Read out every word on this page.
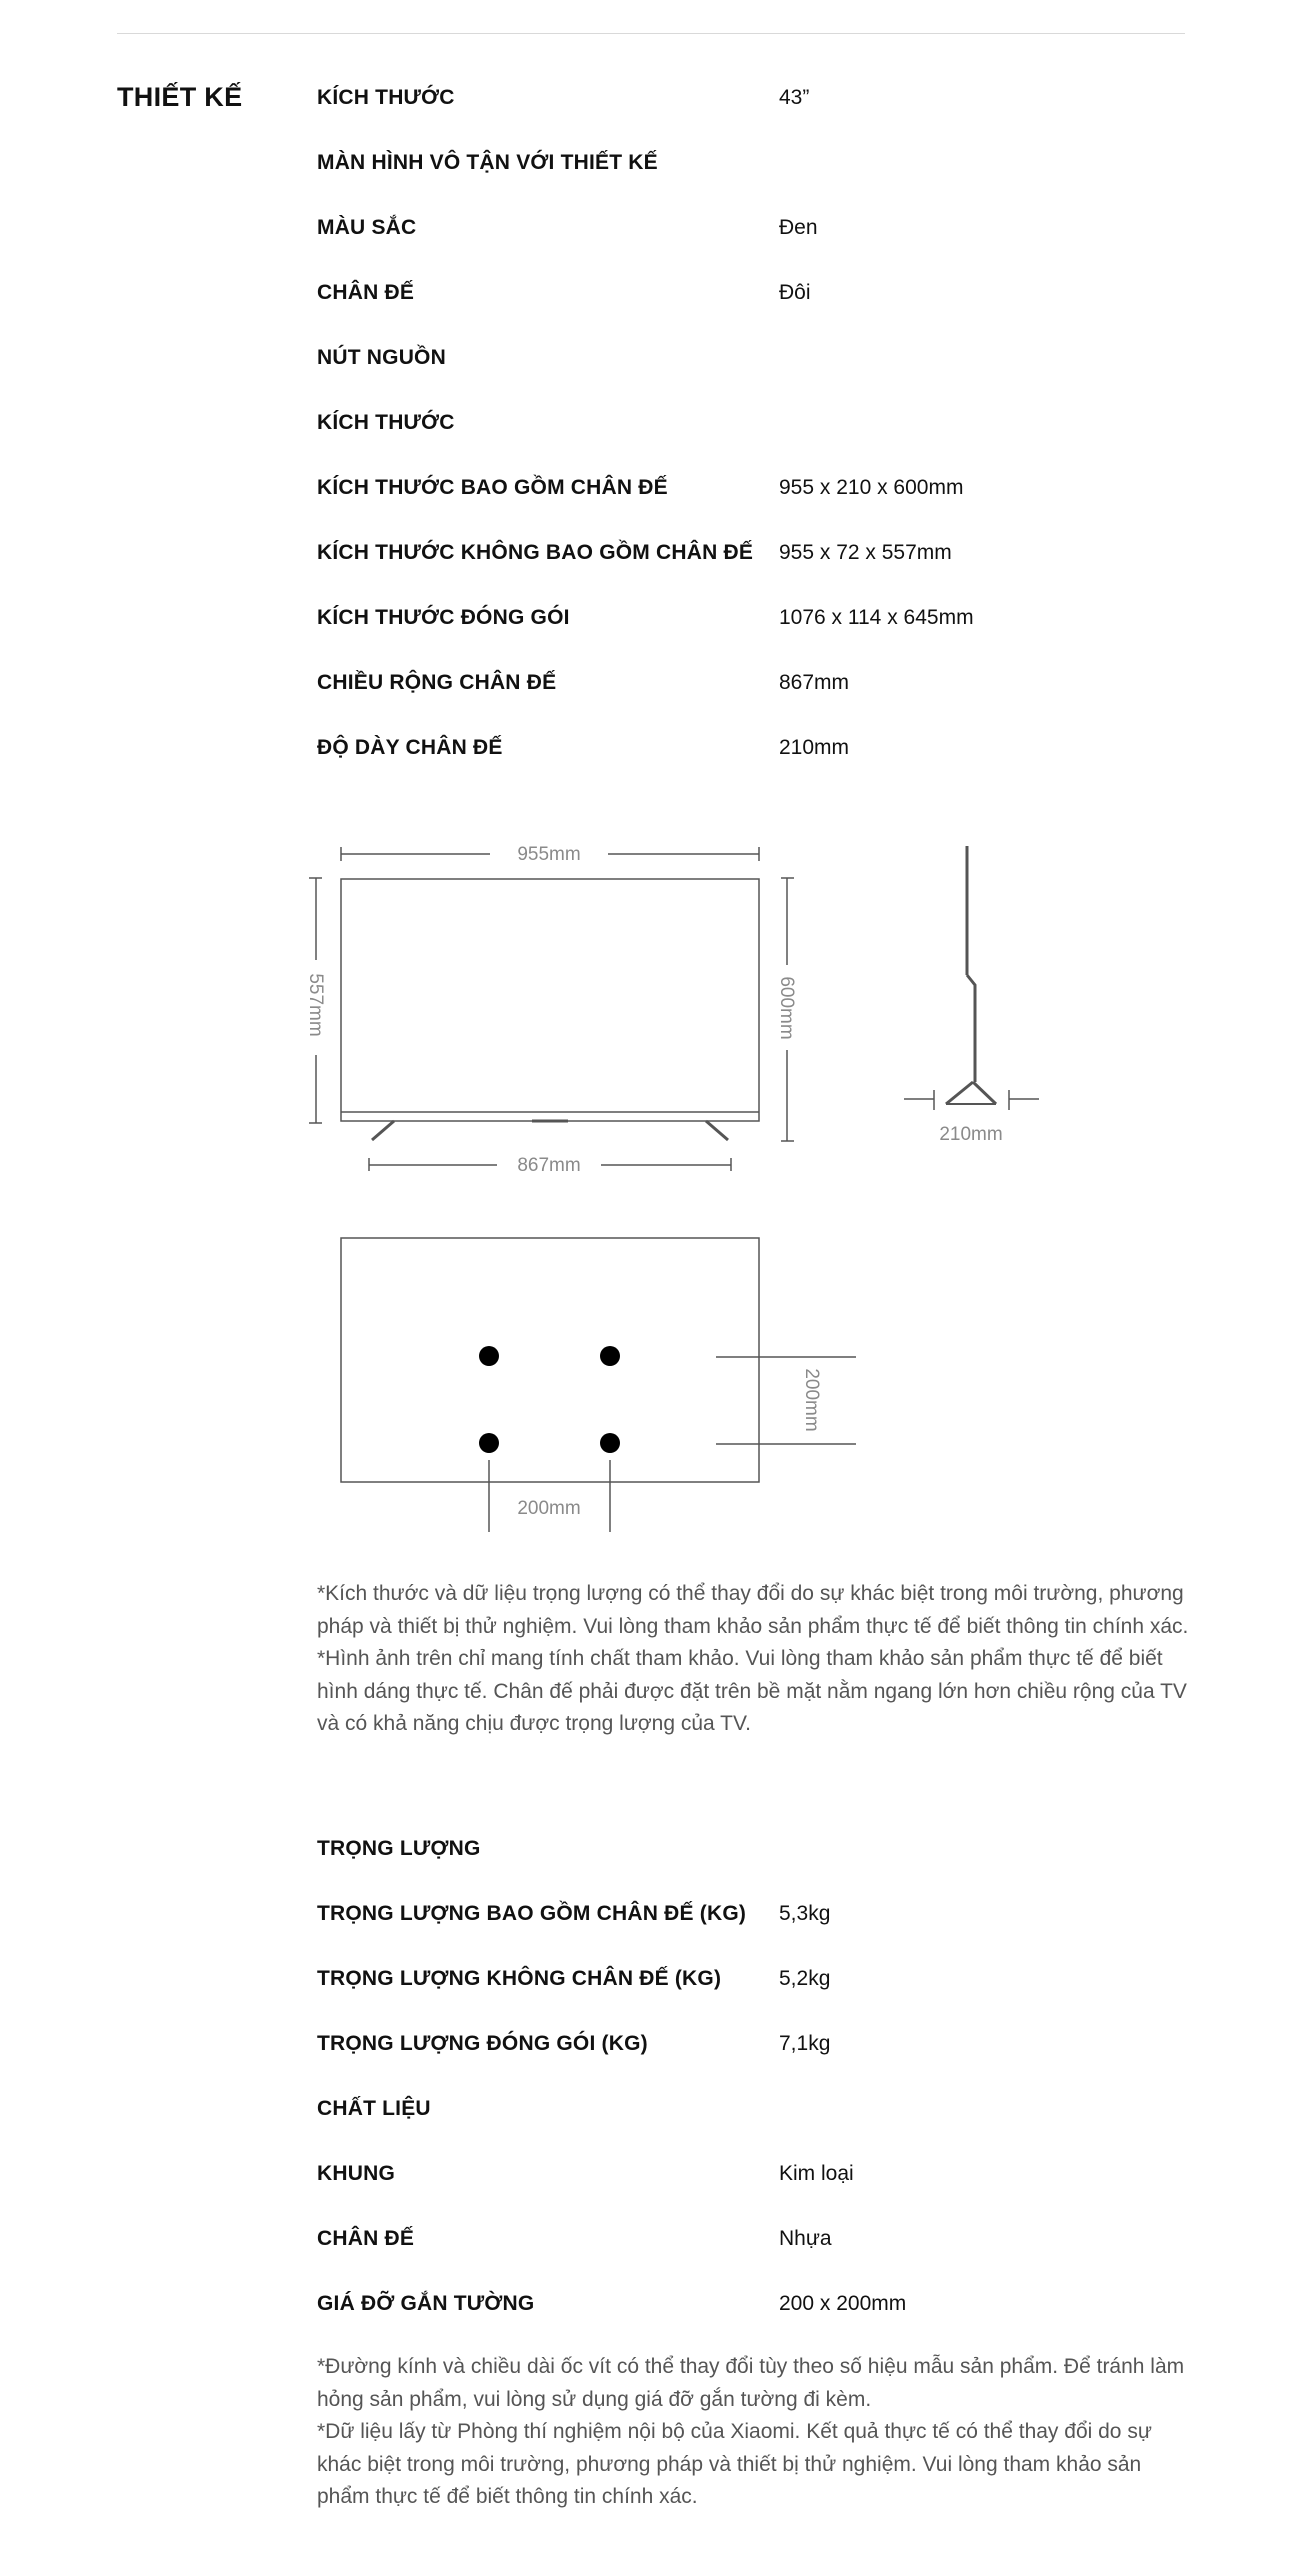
THIẾT KẾ	KÍCH THƯỚC	43”
MÀN HÌNH VÔ TẬN VỚI THIẾT KẾ
MÀU SẮC	Đen
CHÂN ĐẾ	Đôi
NÚT NGUỒN
KÍCH THƯỚC
KÍCH THƯỚC BAO GỒM CHÂN ĐẾ	955 x 210 x 600mm
KÍCH THƯỚC KHÔNG BAO GỒM CHÂN ĐẾ 955 x 72 x 557mm
KÍCH THƯỚC ĐÓNG GÓI	1076 x 114 x 645mm
CHIỀU RỘNG CHÂN ĐẾ	867mm
ĐỘ DÀY CHÂN ĐẾ	210mm
TRỌNG LƯỢNG
TRỌNG LƯỢNG BAO GỒM CHÂN ĐẾ (KG) 5,3kg
TRỌNG LƯỢNG KHÔNG CHÂN ĐẾ (KG)	5,2kg
TRỌNG LƯỢNG ĐÓNG GÓI (KG)	7,1kg
CHẤT LIỆU
KHUNG	Kim loại
CHÂN ĐẾ	Nhựa
GIÁ ĐỠ GẮN TƯỜNG	200 x 200mm

*Kích thước và dữ liệu trọng lượng có thể thay đổi do sự khác biệt trong môi trường, phương pháp và thiết bị thử nghiệm. Vui lòng tham khảo sản phẩm thực tế để biết thông tin chính xác.

*Hình ảnh trên chỉ mang tính chất tham khảo. Vui lòng tham khảo sản phẩm thực tế để biết hình dáng thực tế. Chân đế phải được đặt trên bề mặt nằm ngang lớn hơn chiều rộng của TV và có khả năng chịu được trọng lượng của TV.

*Đường kính và chiều dài ốc vít có thể thay đổi tùy theo số hiệu mẫu sản phẩm. Để tránh làm hỏng sản phẩm, vui lòng sử dụng giá đỡ gắn tường đi kèm.

*Dữ liệu lấy từ Phòng thí nghiệm nội bộ của Xiaomi. Kết quả thực tế có thể thay đổi do sự khác biệt trong môi trường, phương pháp và thiết bị thử nghiệm. Vui lòng tham khảo sản phẩm thực tế để biết thông tin chính xác.

955mm
557mm	600mm
867mm
210mm
200mm
200mm
